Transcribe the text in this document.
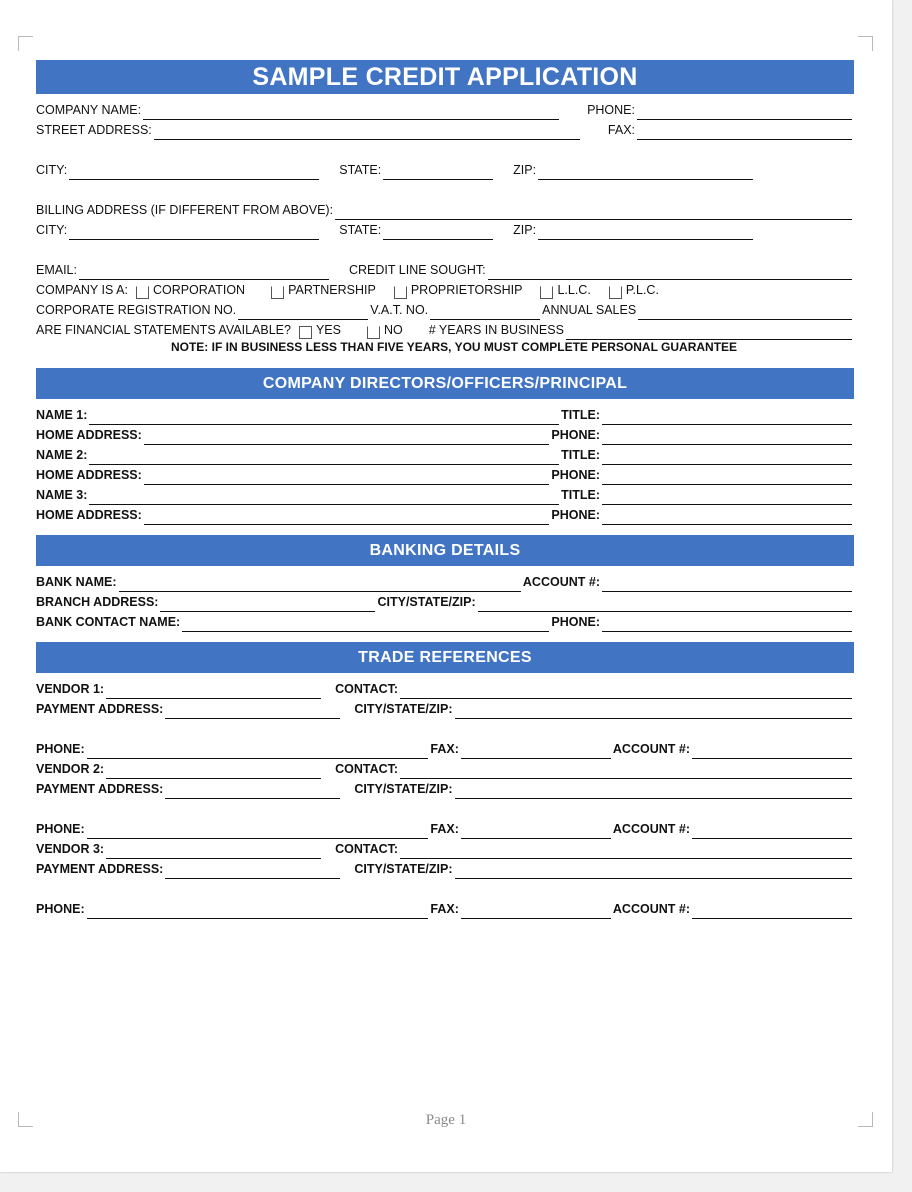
SAMPLE CREDIT APPLICATION
COMPANY NAME:	PHONE:
STREET ADDRESS:	FAX:
CITY:	STATE:	ZIP:
BILLING ADDRESS (IF DIFFERENT FROM ABOVE):
CITY:	STATE:	ZIP:
EMAIL:	CREDIT LINE SOUGHT:
COMPANY IS A: CORPORATION	PARTNERSHIP	PROPRIETORSHIP	L.L.C.	P.L.C.
CORPORATE REGISTRATION NO.	V.A.T. NO.	ANNUAL SALES
ARE FINANCIAL STATEMENTS AVAILABLE? YES	NO # YEARS IN BUSINESS
NOTE: IF IN BUSINESS LESS THAN FIVE YEARS, YOU MUST COMPLETE PERSONAL GUARANTEE
COMPANY DIRECTORS/OFFICERS/PRINCIPAL
NAME 1:	TITLE:
HOME ADDRESS:	PHONE:
NAME 2:	TITLE:
HOME ADDRESS:	PHONE:
NAME 3:	TITLE:
HOME ADDRESS:	PHONE:
BANKING DETAILS
BANK NAME:	ACCOUNT #:
BRANCH ADDRESS:	CITY/STATE/ZIP:
BANK CONTACT NAME:	PHONE:
TRADE REFERENCES
VENDOR 1:	CONTACT:
PAYMENT ADDRESS:	CITY/STATE/ZIP:
PHONE:	FAX:	ACCOUNT #:
VENDOR 2:	CONTACT:
PAYMENT ADDRESS:	CITY/STATE/ZIP:
PHONE:	FAX:	ACCOUNT #:
VENDOR 3:	CONTACT:
PAYMENT ADDRESS:	CITY/STATE/ZIP:
PHONE:	FAX:	ACCOUNT #:
Page 1
